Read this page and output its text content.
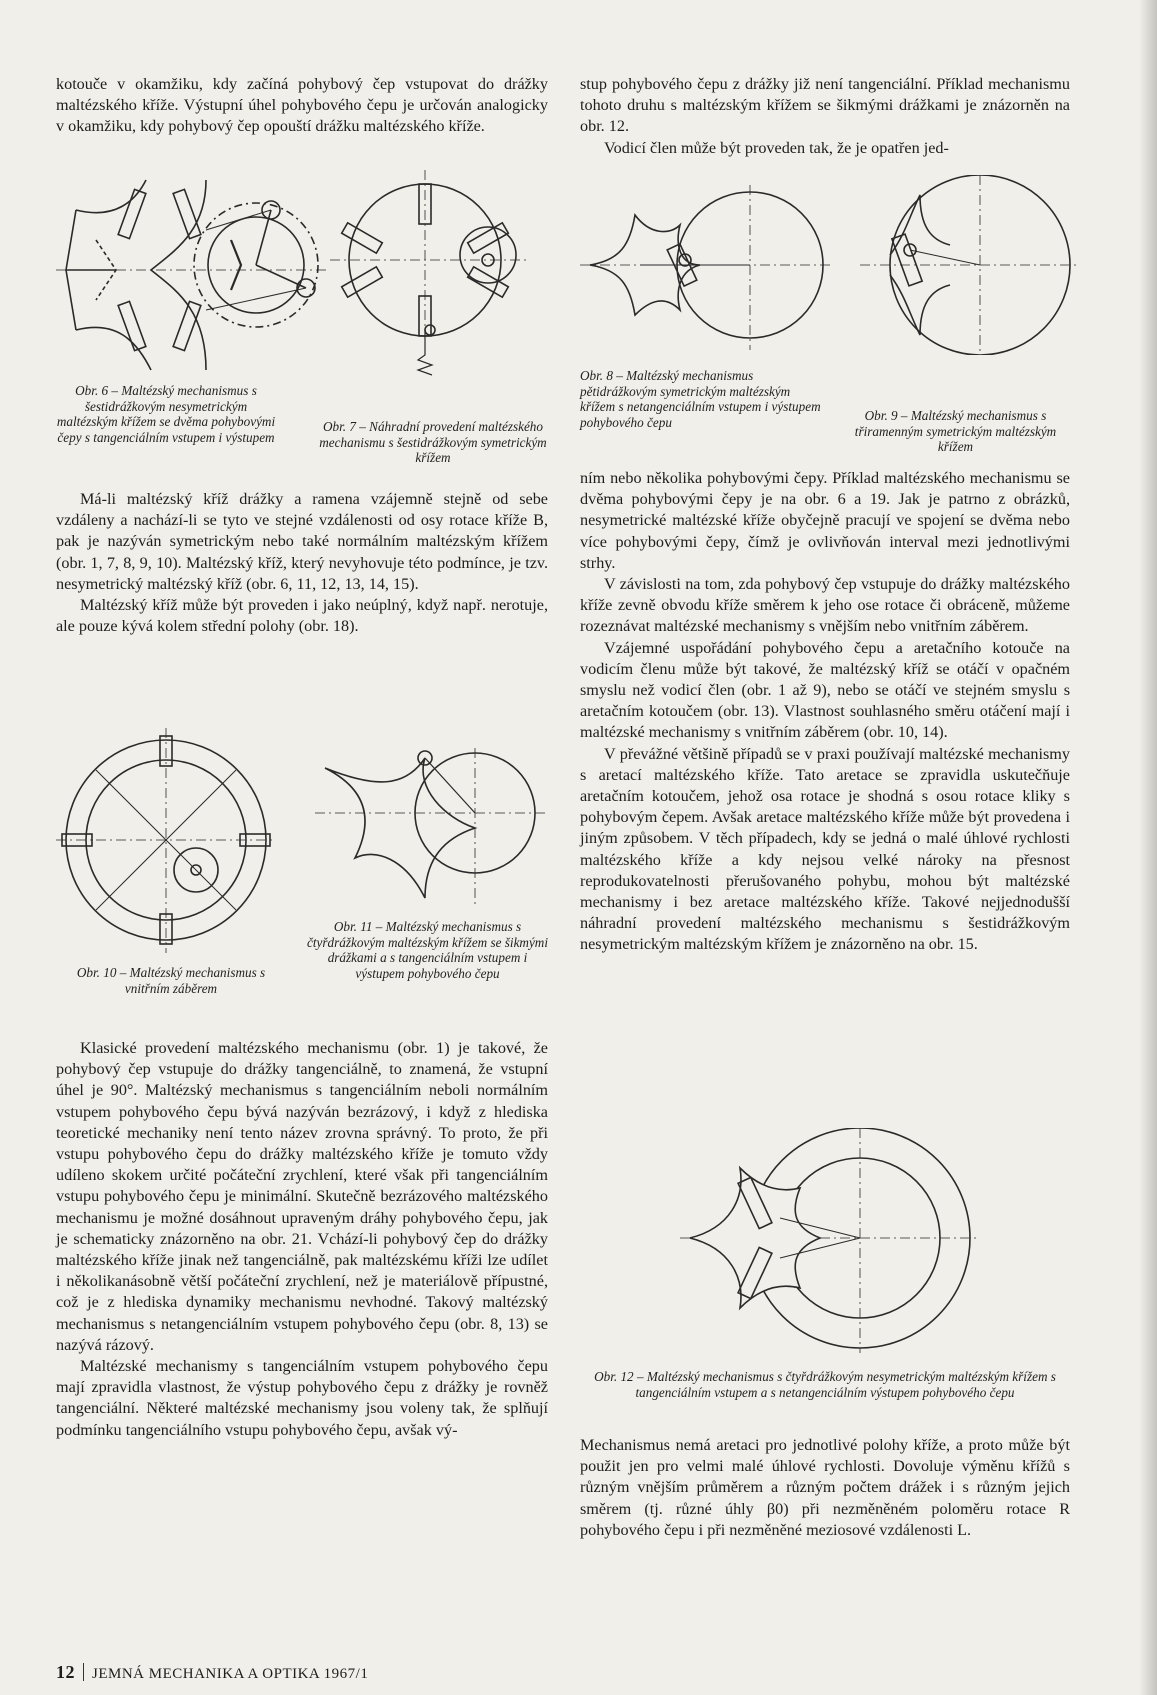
kotouče v okamžiku, kdy začíná pohybový čep vstupovat do drážky maltézského kříže. Výstupní úhel pohybového čepu je určován analogicky v okamžiku, kdy pohybový čep opouští drážku maltézského kříže.

Obr. 6 – Maltézský mechanismus s šestidrážkovým nesymetrickým maltézským křížem se dvěma pohybovými čepy s tangenciálním vstupem i výstupem
Obr. 7 – Náhradní provedení maltézského mechanismu s šestidrážkovým symetrickým křížem

Má-li maltézský kříž drážky a ramena vzájemně stejně od sebe vzdáleny a nachází-li se tyto ve stejné vzdálenosti od osy rotace kříže B, pak je nazýván symetrickým nebo také normálním maltézským křížem (obr. 1, 7, 8, 9, 10). Maltézský kříž, který nevyhovuje této podmínce, je tzv. nesymetrický maltézský kříž (obr. 6, 11, 12, 13, 14, 15).

Maltézský kříž může být proveden i jako neúplný, když např. nerotuje, ale pouze kývá kolem střední polohy (obr. 18).

Obr. 10 – Maltézský mechanismus s vnitřním záběrem
Obr. 11 – Maltézský mechanismus s čtyřdrážkovým maltézským křížem se šikmými drážkami a s tangenciálním vstupem i výstupem pohybového čepu

Klasické provedení maltézského mechanismu (obr. 1) je takové, že pohybový čep vstupuje do drážky tangenciálně, to znamená, že vstupní úhel je 90°. Maltézský mechanismus s tangenciálním neboli normálním vstupem pohybového čepu bývá nazýván bezrázový, i když z hlediska teoretické mechaniky není tento název zrovna správný. To proto, že při vstupu pohybového čepu do drážky maltézského kříže je tomuto vždy udíleno skokem určité počáteční zrychlení, které však při tangenciálním vstupu pohybového čepu je minimální. Skutečně bezrázového maltézského mechanismu je možné dosáhnout upraveným dráhy pohybového čepu, jak je schematicky znázorněno na obr. 21. Vchází-li pohybový čep do drážky maltézského kříže jinak než tangenciálně, pak maltézskému kříži lze udílet i několikanásobně větší počáteční zrychlení, než je materiálově přípustné, což je z hlediska dynamiky mechanismu nevhodné. Takový maltézský mechanismus s netangenciálním vstupem pohybového čepu (obr. 8, 13) se nazývá rázový.

Maltézské mechanismy s tangenciálním vstupem pohybového čepu mají zpravidla vlastnost, že výstup pohybového čepu z drážky je rovněž tangenciální. Některé maltézské mechanismy jsou voleny tak, že splňují podmínku tangenciálního vstupu pohybového čepu, avšak vý-

stup pohybového čepu z drážky již není tangenciální. Příklad mechanismu tohoto druhu s maltézským křížem se šikmými drážkami je znázorněn na obr. 12.

Vodicí člen může být proveden tak, že je opatřen jed-

Obr. 8 – Maltézský mechanismus pětidrážkovým symetrickým maltézským křížem s netangenciálním vstupem i výstupem pohybového čepu	Obr. 9 – Maltézský mechanismus s třiramenným symetrickým maltézským křížem

ním nebo několika pohybovými čepy. Příklad maltézského mechanismu se dvěma pohybovými čepy je na obr. 6 a 19. Jak je patrno z obrázků, nesymetrické maltézské kříže obyčejně pracují ve spojení se dvěma nebo více pohybovými čepy, čímž je ovlivňován interval mezi jednotlivými strhy.

V závislosti na tom, zda pohybový čep vstupuje do drážky maltézského kříže zevně obvodu kříže směrem k jeho ose rotace či obráceně, můžeme rozeznávat maltézské mechanismy s vnějším nebo vnitřním záběrem.

Vzájemné uspořádání pohybového čepu a aretačního kotouče na vodicím členu může být takové, že maltézský kříž se otáčí v opačném smyslu než vodicí člen (obr. 1 až 9), nebo se otáčí ve stejném smyslu s aretačním kotoučem (obr. 13). Vlastnost souhlasného směru otáčení mají i maltézské mechanismy s vnitřním záběrem (obr. 10, 14).

V převážné většině případů se v praxi používají maltézské mechanismy s aretací maltézského kříže. Tato aretace se zpravidla uskutečňuje aretačním kotoučem, jehož osa rotace je shodná s osou rotace kliky s pohybovým čepem. Avšak aretace maltézského kříže může být provedena i jiným způsobem. V těch případech, kdy se jedná o malé úhlové rychlosti maltézského kříže a kdy nejsou velké nároky na přesnost reprodukovatelnosti přerušovaného pohybu, mohou být maltézské mechanismy i bez aretace maltézského kříže. Takové nejjednodušší náhradní provedení maltézského mechanismu s šestidrážkovým nesymetrickým maltézským křížem je znázorněno na obr. 15.

Obr. 12 – Maltézský mechanismus s čtyřdrážkovým nesymetrickým maltézským křížem s tangenciálním vstupem a s netangenciálním výstupem pohybového čepu

Mechanismus nemá aretaci pro jednotlivé polohy kříže, a proto může být použit jen pro velmi malé úhlové rychlosti. Dovoluje výměnu křížů s různým vnějším průměrem a různým počtem drážek i s různým jejich směrem (tj. různé úhly β0) při nezměněném poloměru rotace R pohybového čepu i při nezměněné meziosové vzdálenosti L.

12 JEMNÁ MECHANIKA A OPTIKA 1967/1
